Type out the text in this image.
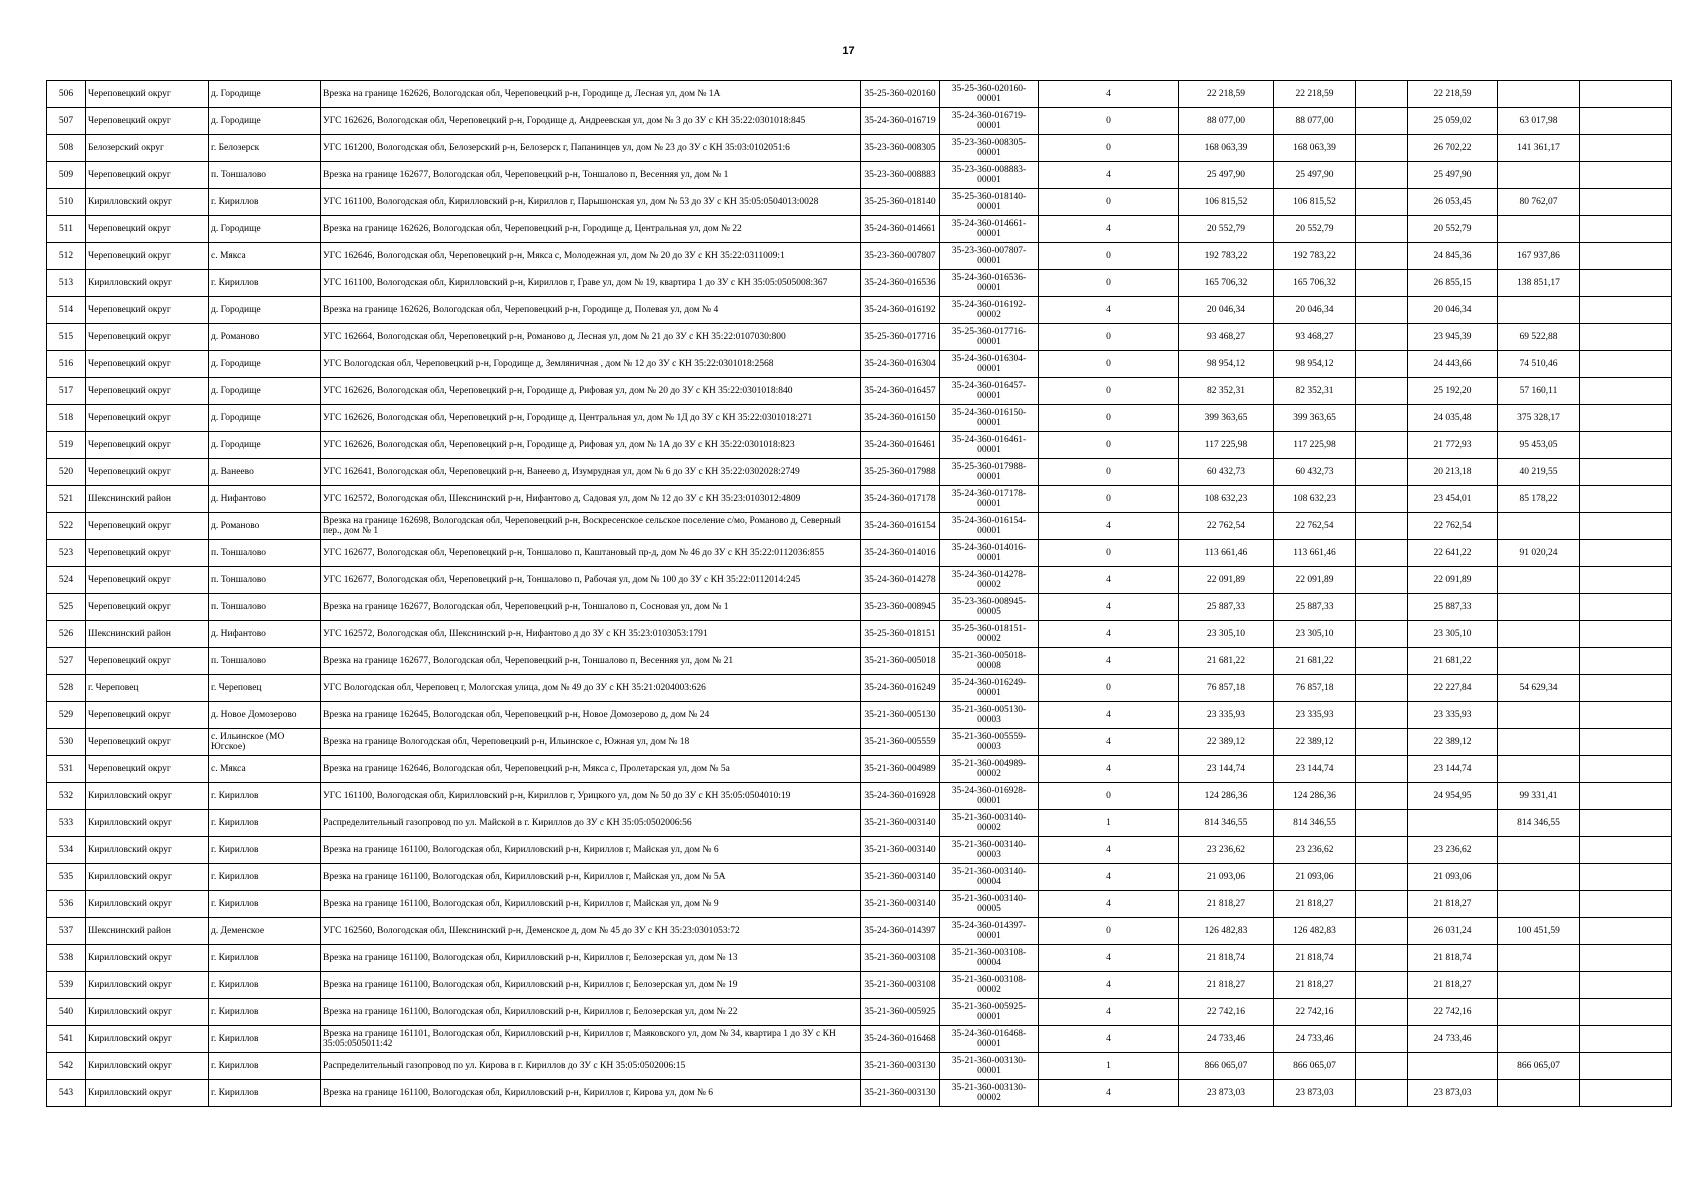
17
506	Череповецкий округ	д. Городище	Врезка на границе 162626, Вологодская обл, Череповецкий р-н, Городище д, Лесная ул, дом № 1А	35-25-360-020160	35-25-360-020160-00001	4	22 218,59	22 218,59		22 218,59		
507	Череповецкий округ	д. Городище	УГС 162626, Вологодская обл, Череповецкий р-н, Городище д, Андреевская ул, дом № 3 до ЗУ с КН 35:22:0301018:845	35-24-360-016719	35-24-360-016719-00001	0	88 077,00	88 077,00		25 059,02	63 017,98	
508	Белозерский округ	г. Белозерск	УГС 161200, Вологодская обл, Белозерский р-н, Белозерск г, Папанинцев ул, дом № 23 до ЗУ с КН 35:03:0102051:6	35-23-360-008305	35-23-360-008305-00001	0	168 063,39	168 063,39		26 702,22	141 361,17	
509	Череповецкий округ	п. Тоншалово	Врезка на границе 162677, Вологодская обл, Череповецкий р-н, Тоншалово п, Весенняя ул, дом № 1	35-23-360-008883	35-23-360-008883-00001	4	25 497,90	25 497,90		25 497,90		
510	Кирилловский округ	г. Кириллов	УГС 161100, Вологодская обл, Кирилловский р-н, Кириллов г, Парышонская ул, дом № 53 до ЗУ с КН 35:05:0504013:0028	35-25-360-018140	35-25-360-018140-00001	0	106 815,52	106 815,52		26 053,45	80 762,07	
511	Череповецкий округ	д. Городище	Врезка на границе 162626, Вологодская обл, Череповецкий р-н, Городище д, Центральная ул, дом № 22	35-24-360-014661	35-24-360-014661-00001	4	20 552,79	20 552,79		20 552,79		
512	Череповецкий округ	с. Мякса	УГС 162646, Вологодская обл, Череповецкий р-н, Мякса с, Молодежная ул, дом № 20 до ЗУ с КН 35:22:0311009:1	35-23-360-007807	35-23-360-007807-00001	0	192 783,22	192 783,22		24 845,36	167 937,86	
513	Кирилловский округ	г. Кириллов	УГС 161100, Вологодская обл, Кирилловский р-н, Кириллов г, Граве ул, дом № 19, квартира 1 до ЗУ с КН 35:05:0505008:367	35-24-360-016536	35-24-360-016536-00001	0	165 706,32	165 706,32		26 855,15	138 851,17	
514	Череповецкий округ	д. Городище	Врезка на границе 162626, Вологодская обл, Череповецкий р-н, Городище д, Полевая ул, дом № 4	35-24-360-016192	35-24-360-016192-00002	4	20 046,34	20 046,34		20 046,34		
515	Череповецкий округ	д. Романово	УГС 162664, Вологодская обл, Череповецкий р-н, Романово д, Лесная ул, дом № 21 до ЗУ с КН 35:22:0107030:800	35-25-360-017716	35-25-360-017716-00001	0	93 468,27	93 468,27		23 945,39	69 522,88	
516	Череповецкий округ	д. Городище	УГС Вологодская обл, Череповецкий р-н, Городище д, Земляничная , дом № 12 до ЗУ с КН 35:22:0301018:2568	35-24-360-016304	35-24-360-016304-00001	0	98 954,12	98 954,12		24 443,66	74 510,46	
517	Череповецкий округ	д. Городище	УГС 162626, Вологодская обл, Череповецкий р-н, Городище д, Рифовая ул, дом № 20 до ЗУ с КН 35:22:0301018:840	35-24-360-016457	35-24-360-016457-00001	0	82 352,31	82 352,31		25 192,20	57 160,11	
518	Череповецкий округ	д. Городище	УГС 162626, Вологодская обл, Череповецкий р-н, Городище д, Центральная ул, дом № 1Д до ЗУ с КН 35:22:0301018:271	35-24-360-016150	35-24-360-016150-00001	0	399 363,65	399 363,65		24 035,48	375 328,17	
519	Череповецкий округ	д. Городище	УГС 162626, Вологодская обл, Череповецкий р-н, Городище д, Рифовая ул, дом № 1А до ЗУ с КН 35:22:0301018:823	35-24-360-016461	35-24-360-016461-00001	0	117 225,98	117 225,98		21 772,93	95 453,05	
520	Череповецкий округ	д. Ванеево	УГС 162641, Вологодская обл, Череповецкий р-н, Ванеево д, Изумрудная ул, дом № 6 до ЗУ с КН 35:22:0302028:2749	35-25-360-017988	35-25-360-017988-00001	0	60 432,73	60 432,73		20 213,18	40 219,55	
521	Шекснинский район	д. Нифантово	УГС 162572, Вологодская обл, Шекснинский р-н, Нифантово д, Садовая ул, дом № 12 до ЗУ с КН 35:23:0103012:4809	35-24-360-017178	35-24-360-017178-00001	0	108 632,23	108 632,23		23 454,01	85 178,22	
522	Череповецкий округ	д. Романово	Врезка на границе 162698, Вологодская обл, Череповецкий р-н, Воскресенское сельское поселение с/мо, Романово д, Северный пер., дом № 1	35-24-360-016154	35-24-360-016154-00001	4	22 762,54	22 762,54		22 762,54		
523	Череповецкий округ	п. Тоншалово	УГС 162677, Вологодская обл, Череповецкий р-н, Тоншалово п, Каштановый пр-д, дом № 46 до ЗУ с КН 35:22:0112036:855	35-24-360-014016	35-24-360-014016-00001	0	113 661,46	113 661,46		22 641,22	91 020,24	
524	Череповецкий округ	п. Тоншалово	УГС 162677, Вологодская обл, Череповецкий р-н, Тоншалово п, Рабочая ул, дом № 100 до ЗУ с КН 35:22:0112014:245	35-24-360-014278	35-24-360-014278-00002	4	22 091,89	22 091,89		22 091,89		
525	Череповецкий округ	п. Тоншалово	Врезка на границе 162677, Вологодская обл, Череповецкий р-н, Тоншалово п, Сосновая ул, дом № 1	35-23-360-008945	35-23-360-008945-00005	4	25 887,33	25 887,33		25 887,33		
526	Шекснинский район	д. Нифантово	УГС 162572, Вологодская обл, Шекснинский р-н, Нифантово д до ЗУ с КН 35:23:0103053:1791	35-25-360-018151	35-25-360-018151-00002	4	23 305,10	23 305,10		23 305,10		
527	Череповецкий округ	п. Тоншалово	Врезка на границе 162677, Вологодская обл, Череповецкий р-н, Тоншалово п, Весенняя ул, дом № 21	35-21-360-005018	35-21-360-005018-00008	4	21 681,22	21 681,22		21 681,22		
528	г. Череповец	г. Череповец	УГС Вологодская обл, Череповец г, Мологская улица, дом № 49 до ЗУ с КН 35:21:0204003:626	35-24-360-016249	35-24-360-016249-00001	0	76 857,18	76 857,18		22 227,84	54 629,34	
529	Череповецкий округ	д. Новое Домозерово	Врезка на границе 162645, Вологодская обл, Череповецкий р-н, Новое Домозерово д, дом № 24	35-21-360-005130	35-21-360-005130-00003	4	23 335,93	23 335,93		23 335,93		
530	Череповецкий округ	с. Ильинское (МО Югское)	Врезка на границе Вологодская обл, Череповецкий р-н, Ильинское с, Южная ул, дом № 18	35-21-360-005559	35-21-360-005559-00003	4	22 389,12	22 389,12		22 389,12		
531	Череповецкий округ	с. Мякса	Врезка на границе 162646, Вологодская обл, Череповецкий р-н, Мякса с, Пролетарская ул, дом № 5а	35-21-360-004989	35-21-360-004989-00002	4	23 144,74	23 144,74		23 144,74		
532	Кирилловский округ	г. Кириллов	УГС 161100, Вологодская обл, Кирилловский р-н, Кириллов г, Урицкого ул, дом № 50 до ЗУ с КН 35:05:0504010:19	35-24-360-016928	35-24-360-016928-00001	0	124 286,36	124 286,36		24 954,95	99 331,41	
533	Кирилловский округ	г. Кириллов	Распределительный газопровод по ул. Майской в г. Кириллов до ЗУ с КН 35:05:0502006:56	35-21-360-003140	35-21-360-003140-00002	1	814 346,55	814 346,55			814 346,55	
534	Кирилловский округ	г. Кириллов	Врезка на границе 161100, Вологодская обл, Кирилловский р-н, Кириллов г, Майская ул, дом № 6	35-21-360-003140	35-21-360-003140-00003	4	23 236,62	23 236,62		23 236,62		
535	Кирилловский округ	г. Кириллов	Врезка на границе 161100, Вологодская обл, Кирилловский р-н, Кириллов г, Майская ул, дом № 5А	35-21-360-003140	35-21-360-003140-00004	4	21 093,06	21 093,06		21 093,06		
536	Кирилловский округ	г. Кириллов	Врезка на границе 161100, Вологодская обл, Кирилловский р-н, Кириллов г, Майская ул, дом № 9	35-21-360-003140	35-21-360-003140-00005	4	21 818,27	21 818,27		21 818,27		
537	Шекснинский район	д. Деменское	УГС 162560, Вологодская обл, Шекснинский р-н, Деменское д, дом № 45 до ЗУ с КН 35:23:0301053:72	35-24-360-014397	35-24-360-014397-00001	0	126 482,83	126 482,83		26 031,24	100 451,59	
538	Кирилловский округ	г. Кириллов	Врезка на границе 161100, Вологодская обл, Кирилловский р-н, Кириллов г, Белозерская ул, дом № 13	35-21-360-003108	35-21-360-003108-00004	4	21 818,74	21 818,74		21 818,74		
539	Кирилловский округ	г. Кириллов	Врезка на границе 161100, Вологодская обл, Кирилловский р-н, Кириллов г, Белозерская ул, дом № 19	35-21-360-003108	35-21-360-003108-00002	4	21 818,27	21 818,27		21 818,27		
540	Кирилловский округ	г. Кириллов	Врезка на границе 161100, Вологодская обл, Кирилловский р-н, Кириллов г, Белозерская ул, дом № 22	35-21-360-005925	35-21-360-005925-00001	4	22 742,16	22 742,16		22 742,16		
541	Кирилловский округ	г. Кириллов	Врезка на границе 161101, Вологодская обл, Кирилловский р-н, Кириллов г, Маяковского ул, дом № 34, квартира 1 до ЗУ с КН 35:05:0505011:42	35-24-360-016468	35-24-360-016468-00001	4	24 733,46	24 733,46		24 733,46		
542	Кирилловский округ	г. Кириллов	Распределительный газопровод по ул. Кирова в г. Кириллов до ЗУ с КН 35:05:0502006:15	35-21-360-003130	35-21-360-003130-00001	1	866 065,07	866 065,07			866 065,07	
543	Кирилловский округ	г. Кириллов	Врезка на границе 161100, Вологодская обл, Кирилловский р-н, Кириллов г, Кирова ул, дом № 6	35-21-360-003130	35-21-360-003130-00002	4	23 873,03	23 873,03		23 873,03		
